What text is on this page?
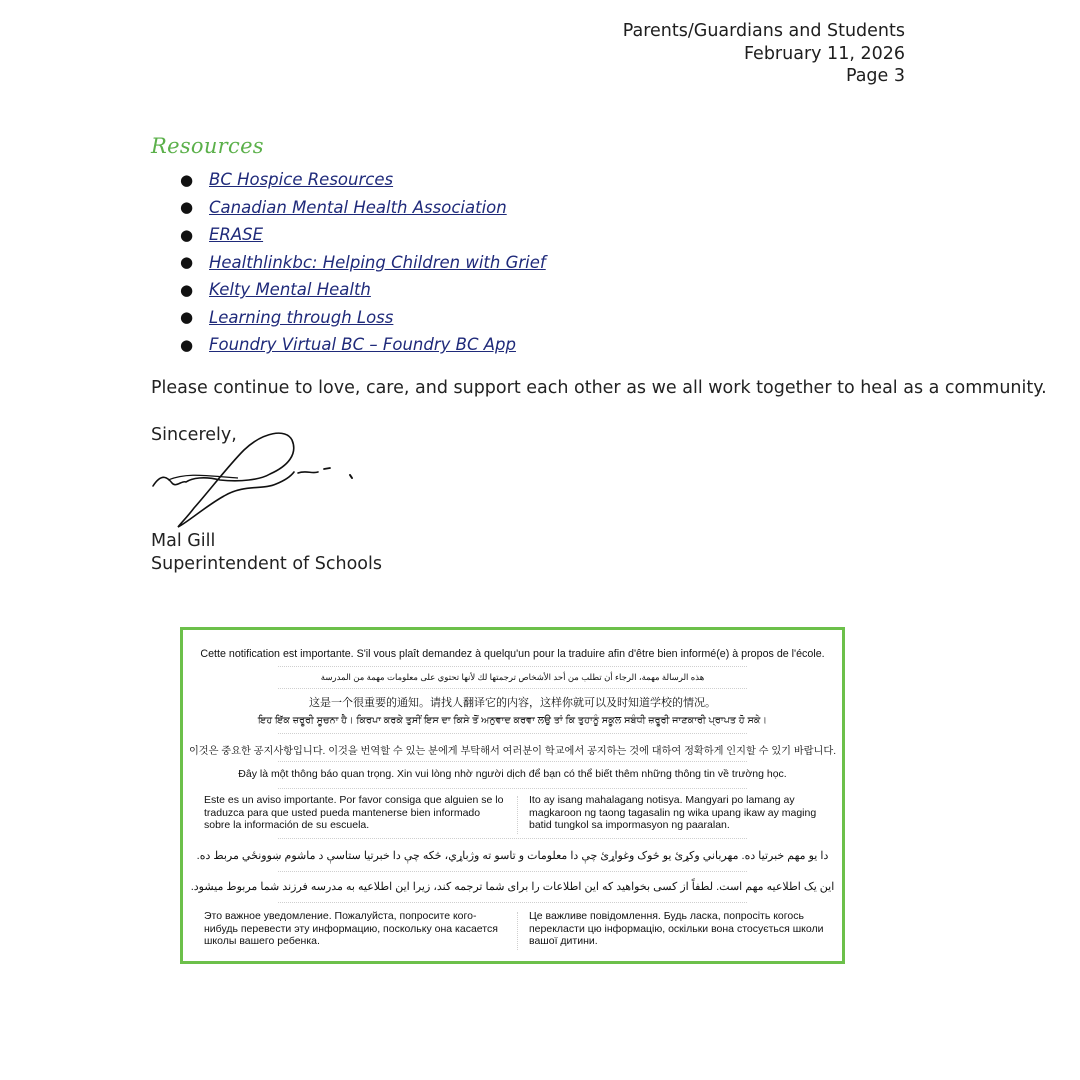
Parents/Guardians and Students
February 11, 2026
Page 3
Resources
● BC Hospice Resources
● Canadian Mental Health Association
● ERASE
● Healthlinkbc: Helping Children with Grief
● Kelty Mental Health
● Learning through Loss
● Foundry Virtual BC – Foundry BC App
Please continue to love, care, and support each other as we all work together to heal as a community.
Sincerely,
Mal Gill
Superintendent of Schools
Cette notification est importante. S'il vous plaît demandez à quelqu'un pour la traduire afin d'être bien informé(e) à propos de l'école.
هذه الرسالة مهمة، الرجاء أن تطلب من أحد الأشخاص ترجمتها لك لأنها تحتوي على معلومات مهمة من المدرسة
这是一个很重要的通知。请找人翻译它的内容，这样你就可以及时知道学校的情况。
ਇਹ ਇੱਕ ਜ਼ਰੂਰੀ ਸੂਚਨਾ ਹੈ। ਕਿਰਪਾ ਕਰਕੇ ਤੁਸੀਂ ਇਸ ਦਾ ਕਿਸੇ ਤੋਂ ਅਨੁਵਾਦ ਕਰਵਾ ਲਉ ਤਾਂ ਕਿ ਤੁਹਾਨੂੰ ਸਕੂਲ ਸਬੰਧੀ ਜ਼ਰੂਰੀ ਜਾਣਕਾਰੀ ਪ੍ਰਾਪਤ ਹੋ ਸਕੇ।
이것은 중요한 공지사항입니다. 이것을 번역할 수 있는 분에게 부탁해서 여러분이 학교에서 공지하는 것에 대하여 정확하게 인지할 수 있기 바랍니다.
Đây là một thông báo quan trọng. Xin vui lòng nhờ người dịch để bạn có thể biết thêm những thông tin về trường học.
Este es un aviso importante. Por favor consiga que alguien se lo traduzca para que usted pueda mantenerse bien informado sobre la información de su escuela.
Ito ay isang mahalagang notisya. Mangyari po lamang ay magkaroon ng taong tagasalin ng wika upang ikaw ay maging batid tungkol sa impormasyon ng paaralan.
دا یو مهم خبرتیا ده. مهرباني وکړئ یو څوک وغواړئ چې دا معلومات و تاسو ته وژباړي، څکه چې دا خبرتیا ستاسې د ماشوم ښوونځي مربط ده.
این یک اطلاعیه مهم است. لطفاً از کسی بخواهید که این اطلاعات را برای شما ترجمه کند، زیرا این اطلاعیه به مدرسه فرزند شما مربوط میشود.
Это важное уведомление. Пожалуйста, попросите кого-нибудь перевести эту информацию, поскольку она касается школы вашего ребенка.
Це важливе повідомлення. Будь ласка, попросіть когось перекласти цю інформацію, оскільки вона стосується школи вашої дитини.
